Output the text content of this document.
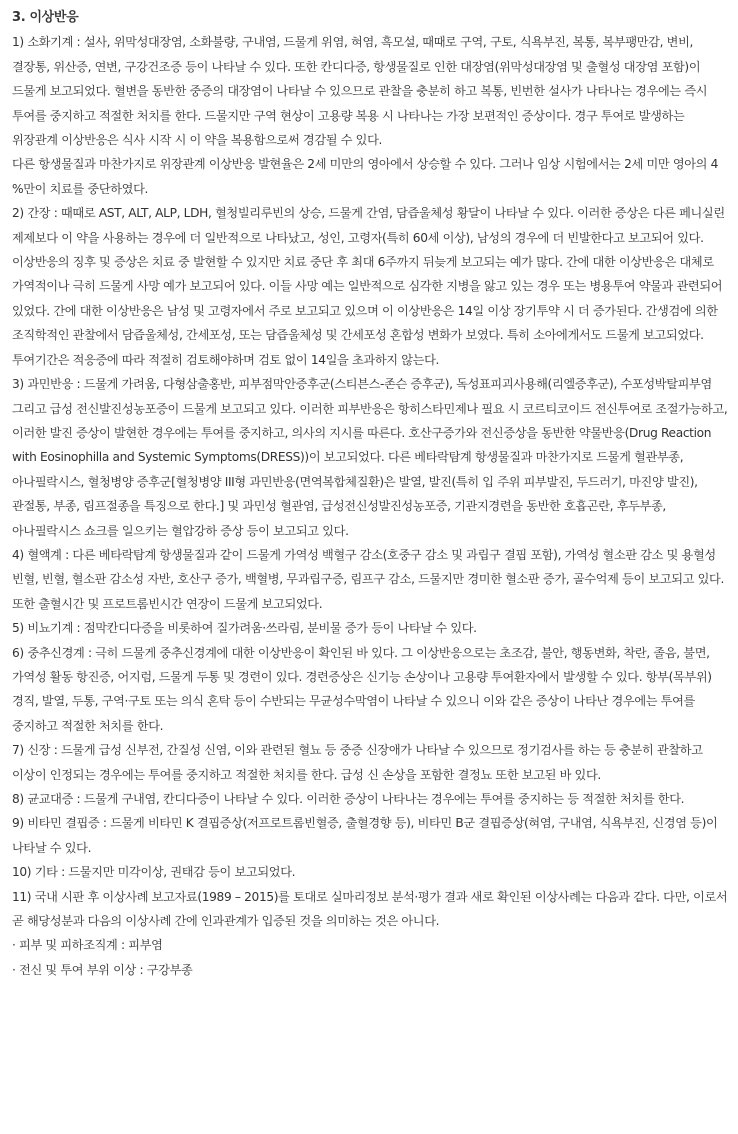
3. 이상반응

1) 소화기계 : 설사, 위막성대장염, 소화불량, 구내염, 드물게 위염, 혀염, 흑모설, 때때로 구역, 구토, 식욕부진, 복통, 복부팽만감, 변비, 결장통, 위산증, 연변, 구강건조증 등이 나타날 수 있다. 또한 칸디다증, 항생물질로 인한 대장염(위막성대장염 및 출혈성 대장염 포함)이 드물게 보고되었다. 혈변을 동반한 중증의 대장염이 나타날 수 있으므로 관찰을 충분히 하고 복통, 빈번한 설사가 나타나는 경우에는 즉시 투여를 중지하고 적절한 처치를 한다. 드물지만 구역 현상이 고용량 복용 시 나타나는 가장 보편적인 증상이다. 경구 투여로 발생하는 위장관계 이상반응은 식사 시작 시 이 약을 복용함으로써 경감될 수 있다.

다른 항생물질과 마찬가지로 위장관계 이상반응 발현율은 2세 미만의 영아에서 상승할 수 있다. 그러나 임상 시험에서는 2세 미만 영아의 4 %만이 치료를 중단하였다.

2) 간장 : 때때로 AST, ALT, ALP, LDH, 혈청빌리루빈의 상승, 드물게 간염, 담즙울체성 황달이 나타날 수 있다. 이러한 증상은 다른 페니실린 제제보다 이 약을 사용하는 경우에 더 일반적으로 나타났고, 성인, 고령자(특히 60세 이상), 남성의 경우에 더 빈발한다고 보고되어 있다. 이상반응의 징후 및 증상은 치료 중 발현할 수 있지만 치료 중단 후 최대 6주까지 뒤늦게 보고되는 예가 많다. 간에 대한 이상반응은 대체로 가역적이나 극히 드물게 사망 예가 보고되어 있다. 이들 사망 예는 일반적으로 심각한 지병을 앓고 있는 경우 또는 병용투여 약물과 관련되어 있었다. 간에 대한 이상반응은 남성 및 고령자에서 주로 보고되고 있으며 이 이상반응은 14일 이상 장기투약 시 더 증가된다. 간생검에 의한 조직학적인 관찰에서 담즙울체성, 간세포성, 또는 담즙울체성 및 간세포성 혼합성 변화가 보였다. 특히 소아에게서도 드물게 보고되었다. 투여기간은 적응증에 따라 적절히 검토해야하며 검토 없이 14일을 초과하지 않는다.

3) 과민반응 : 드물게 가려움, 다형삼출홍반, 피부점막안증후군(스티븐스-존슨 증후군), 독성표피괴사용해(리엘증후군), 수포성박탈피부염 그리고 급성 전신발진성농포증이 드물게 보고되고 있다. 이러한 피부반응은 항히스타민제나 필요 시 코르티코이드 전신투여로 조절가능하고, 이러한 발진 증상이 발현한 경우에는 투여를 중지하고, 의사의 지시를 따른다. 호산구증가와 전신증상을 동반한 약물반응(Drug Reaction with Eosinophilla and Systemic Symptoms(DRESS))이 보고되었다. 다른 베타락탐계 항생물질과 마찬가지로 드물게 혈관부종, 아나필락시스, 혈청병양 증후군[혈청병양 III형 과민반응(면역복합체질환)은 발열, 발진(특히 입 주위 피부발진, 두드러기, 마진양 발진), 관절통, 부종, 림프절종을 특징으로 한다.] 및 과민성 혈관염, 급성전신성발진성농포증, 기관지경련을 동반한 호흡곤란, 후두부종, 아나필락시스 쇼크를 일으키는 혈압강하 증상 등이 보고되고 있다.

4) 혈액계 : 다른 베타락탐계 항생물질과 같이 드물게 가역성 백혈구 감소(호중구 감소 및 과립구 결핍 포함), 가역성 혈소판 감소 및 용혈성 빈혈, 빈혈, 혈소판 감소성 자반, 호산구 증가, 백혈병, 무과립구증, 림프구 감소, 드물지만 경미한 혈소판 증가, 골수억제 등이 보고되고 있다. 또한 출혈시간 및 프로트롬빈시간 연장이 드물게 보고되었다.

5) 비뇨기계 : 점막칸디다증을 비롯하여 질가려움·쓰라림, 분비물 증가 등이 나타날 수 있다.

6) 중추신경계 : 극히 드물게 중추신경계에 대한 이상반응이 확인된 바 있다. 그 이상반응으로는 초조감, 불안, 행동변화, 착란, 졸음, 불면, 가역성 활동 항진증, 어지럼, 드물게 두통 및 경련이 있다. 경련증상은 신기능 손상이나 고용량 투여환자에서 발생할 수 있다. 항부(목부위)경직, 발열, 두통, 구역·구토 또는 의식 혼탁 등이 수반되는 무균성수막염이 나타날 수 있으니 이와 같은 증상이 나타난 경우에는 투여를 중지하고 적절한 처치를 한다.

7) 신장 : 드물게 급성 신부전, 간질성 신염, 이와 관련된 혈뇨 등 중증 신장애가 나타날 수 있으므로 정기검사를 하는 등 충분히 관찰하고 이상이 인정되는 경우에는 투여를 중지하고 적절한 처치를 한다. 급성 신 손상을 포함한 결정뇨 또한 보고된 바 있다.

8) 균교대증 : 드물게 구내염, 칸디다증이 나타날 수 있다. 이러한 증상이 나타나는 경우에는 투여를 중지하는 등 적절한 처치를 한다.

9) 비타민 결핍증 : 드물게 비타민 K 결핍증상(저프로트롬빈혈증, 출혈경향 등), 비타민 B군 결핍증상(혀염, 구내염, 식욕부진, 신경염 등)이 나타날 수 있다.

10) 기타 : 드물지만 미각이상, 권태감 등이 보고되었다.

11) 국내 시판 후 이상사례 보고자료(1989 – 2015)를 토대로 실마리정보 분석·평가 결과 새로 확인된 이상사례는 다음과 같다. 다만, 이로서 곧 해당성분과 다음의 이상사례 간에 인과관계가 입증된 것을 의미하는 것은 아니다.

· 피부 및 피하조직계 : 피부염

· 전신 및 투여 부위 이상 : 구강부종
